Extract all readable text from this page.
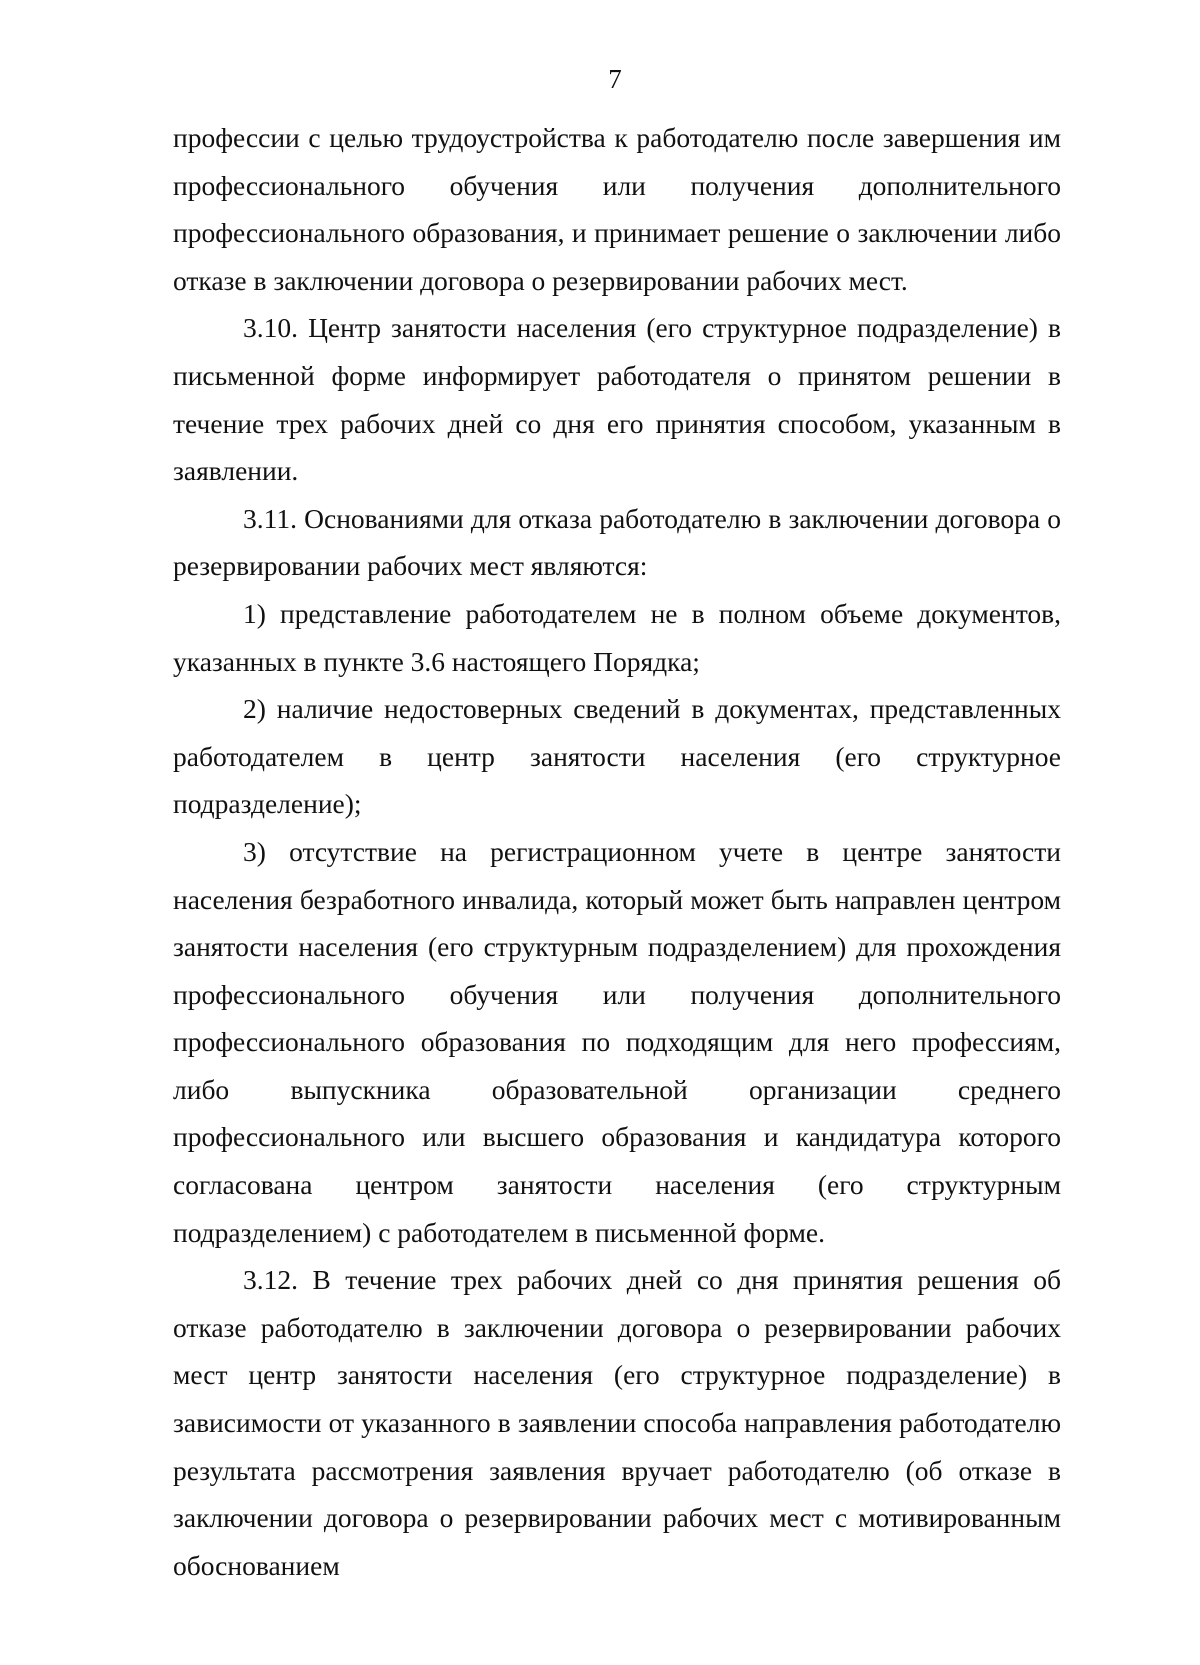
7

профессии с целью трудоустройства к работодателю после завершения им профессионального обучения или получения дополнительного профессионального образования, и принимает решение о заключении либо отказе в заключении договора о резервировании рабочих мест.

3.10. Центр занятости населения (его структурное подразделение) в письменной форме информирует работодателя о принятом решении в течение трех рабочих дней со дня его принятия способом, указанным в заявлении.

3.11. Основаниями для отказа работодателю в заключении договора о резервировании рабочих мест являются:

1) представление работодателем не в полном объеме документов, указанных в пункте 3.6 настоящего Порядка;

2) наличие недостоверных сведений в документах, представленных работодателем в центр занятости населения (его структурное подразделение);

3) отсутствие на регистрационном учете в центре занятости населения безработного инвалида, который может быть направлен центром занятости населения (его структурным подразделением) для прохождения профессионального обучения или получения дополнительного профессионального образования по подходящим для него профессиям, либо выпускника образовательной организации среднего профессионального или высшего образования и кандидатура которого согласована центром занятости населения (его структурным подразделением) с работодателем в письменной форме.

3.12. В течение трех рабочих дней со дня принятия решения об отказе работодателю в заключении договора о резервировании рабочих мест центр занятости населения (его структурное подразделение) в зависимости от указанного в заявлении способа направления работодателю результата рассмотрения заявления вручает работодателю (об отказе в заключении договора о резервировании рабочих мест с мотивированным обоснованием
